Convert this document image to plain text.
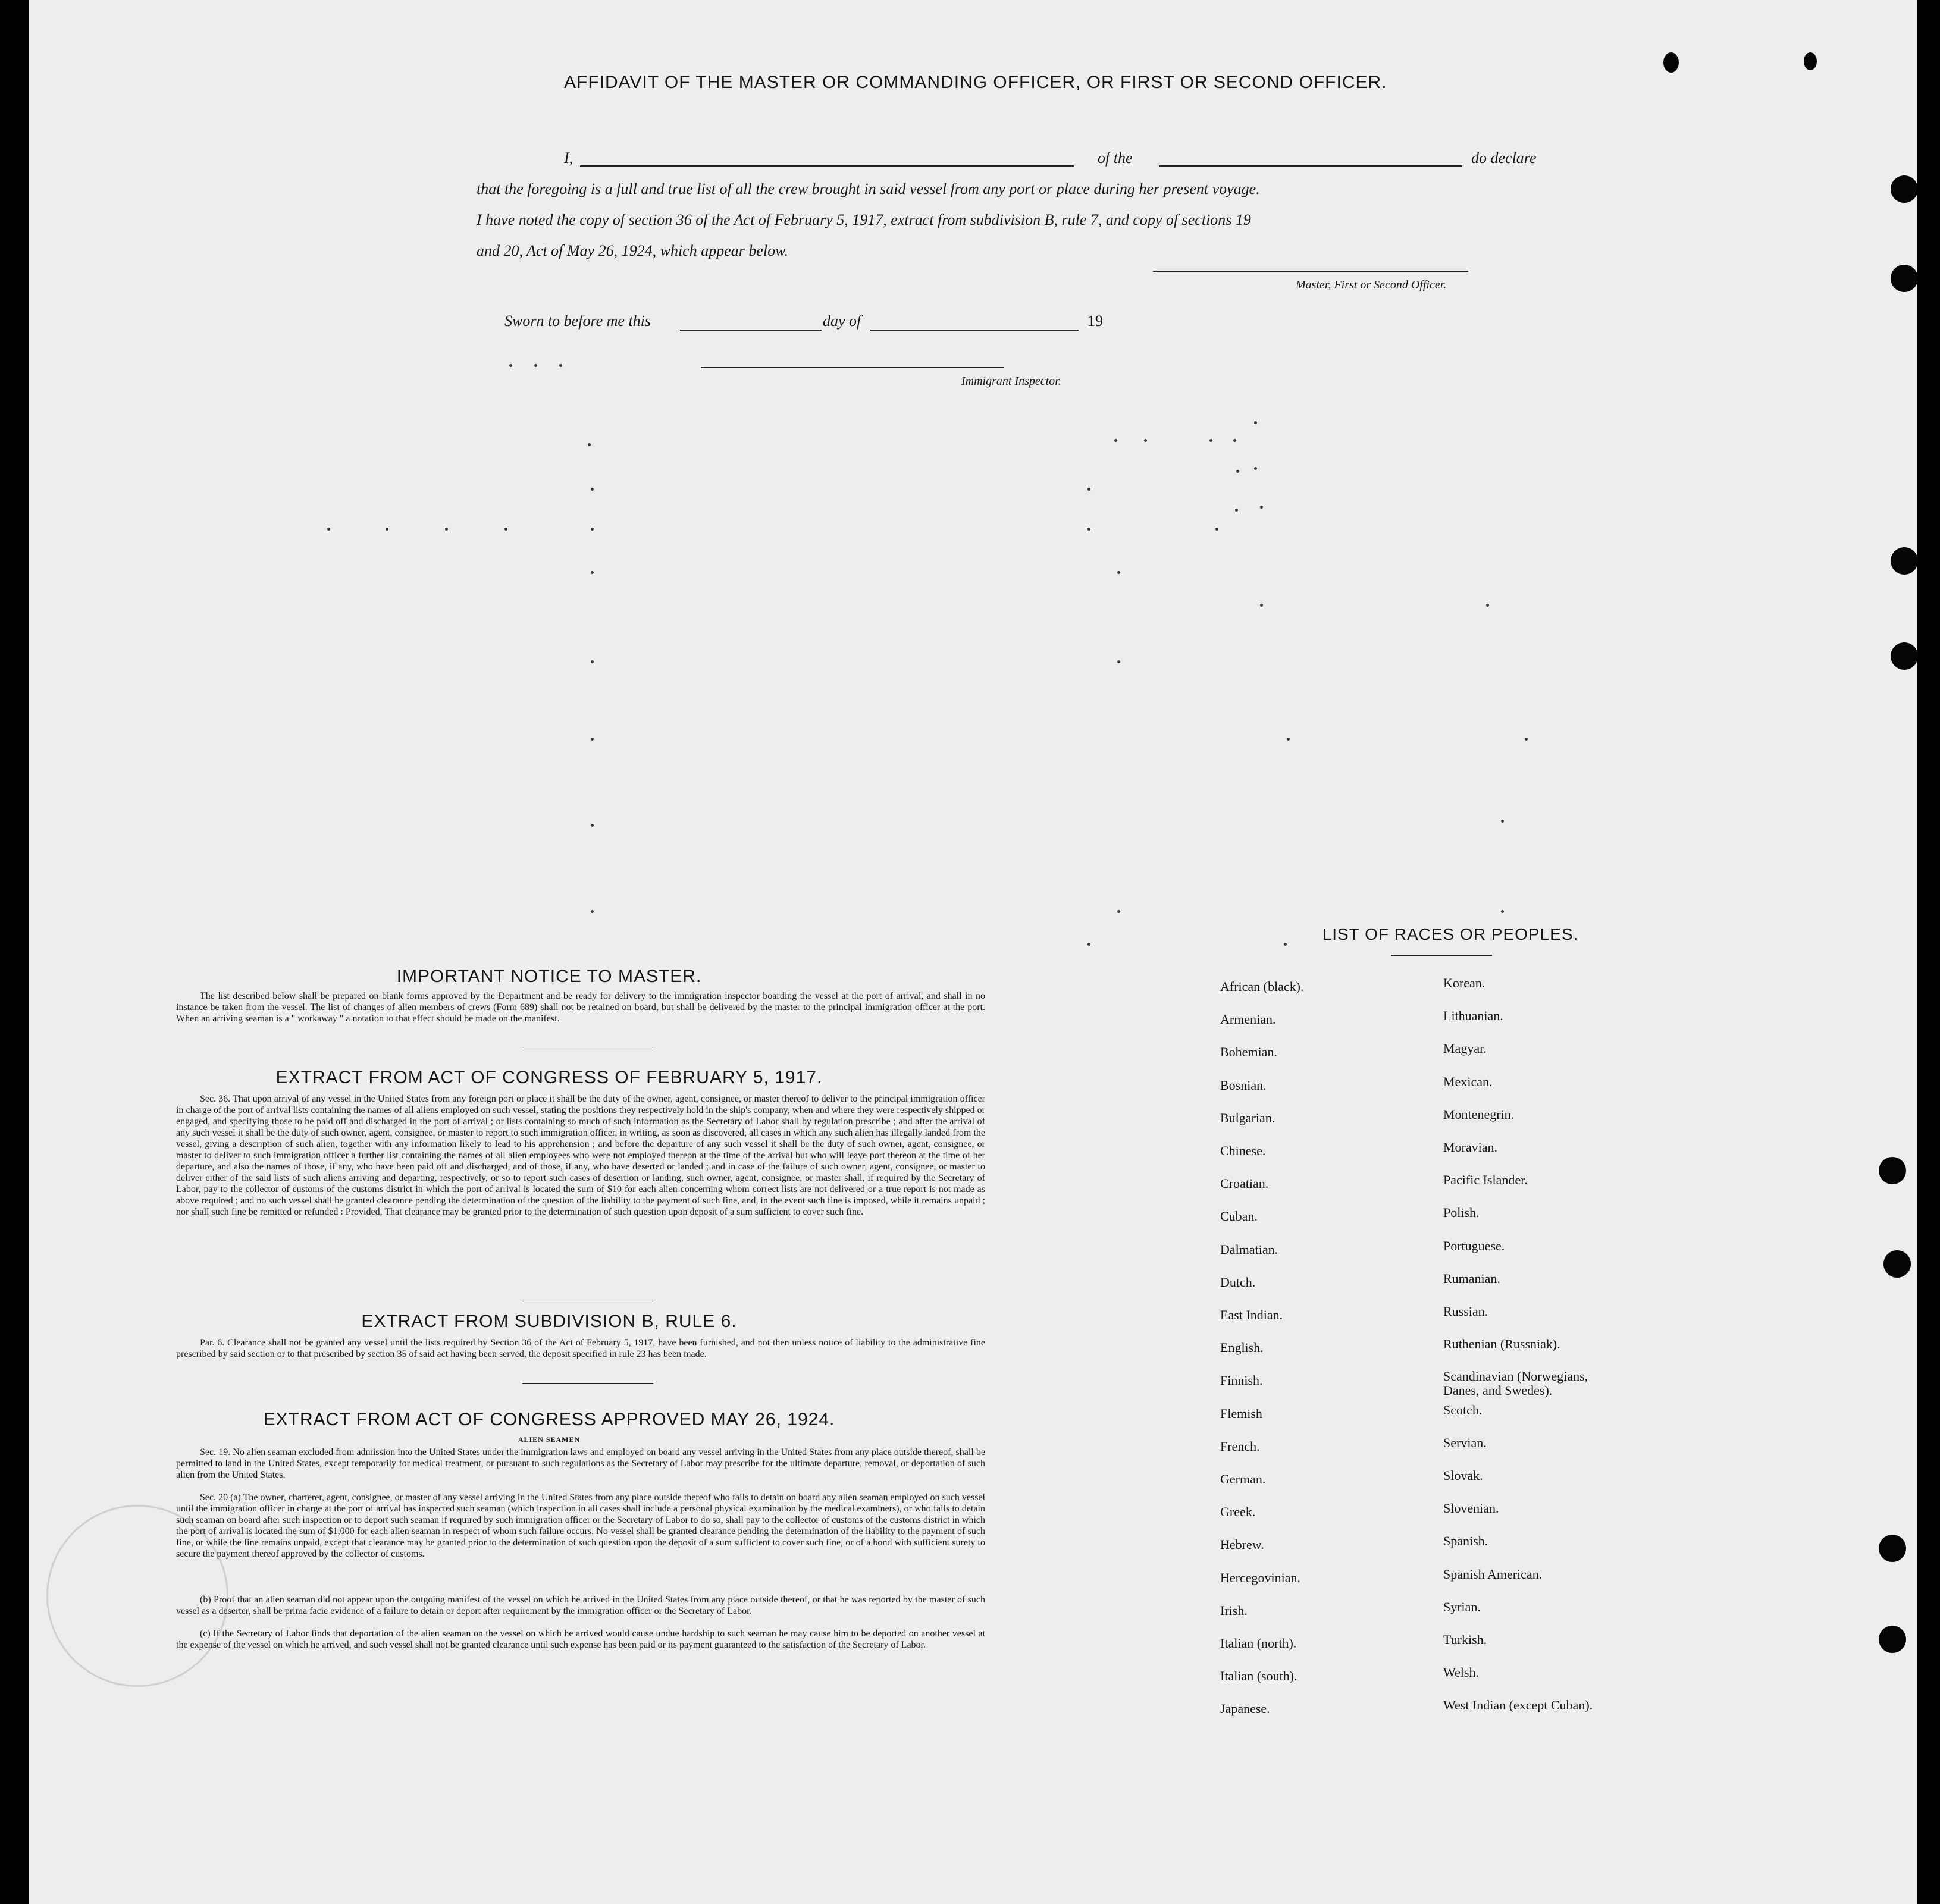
AFFIDAVIT OF THE MASTER OR COMMANDING OFFICER, OR FIRST OR SECOND OFFICER.
I,	of the	do declare
that the foregoing is a full and true list of all the crew brought in said vessel from any port or place during her present voyage.
I have noted the copy of section 36 of the Act of February 5, 1917, extract from subdivision B, rule 7, and copy of sections 19
and 20, Act of May 26, 1924, which appear below.
Master, First or Second Officer.
Sworn to before me this	day of	19
Immigrant Inspector.
IMPORTANT NOTICE TO MASTER.
The list described below shall be prepared on blank forms approved by the Department and be ready for delivery to the immigration inspector boarding the vessel at the port of arrival, and shall in no instance be taken from the vessel. The list of changes of alien members of crews (Form 689) shall not be retained on board, but shall be delivered by the master to the principal immigration officer at the port. When an arriving seaman is a " workaway " a notation to that effect should be made on the manifest.
EXTRACT FROM ACT OF CONGRESS OF FEBRUARY 5, 1917.
Sec. 36. That upon arrival of any vessel in the United States from any foreign port or place it shall be the duty of the owner, agent, consignee, or master thereof to deliver to the principal immigration officer in charge of the port of arrival lists containing the names of all aliens employed on such vessel, stating the positions they respectively hold in the ship's company, when and where they were respectively shipped or engaged, and specifying those to be paid off and discharged in the port of arrival ; or lists containing so much of such information as the Secretary of Labor shall by regulation prescribe ; and after the arrival of any such vessel it shall be the duty of such owner, agent, consignee, or master to report to such immigration officer, in writing, as soon as discovered, all cases in which any such alien has illegally landed from the vessel, giving a description of such alien, together with any information likely to lead to his apprehension ; and before the departure of any such vessel it shall be the duty of such owner, agent, consignee, or master to deliver to such immigration officer a further list containing the names of all alien employees who were not employed thereon at the time of the arrival but who will leave port thereon at the time of her departure, and also the names of those, if any, who have been paid off and discharged, and of those, if any, who have deserted or landed ; and in case of the failure of such owner, agent, consignee, or master to deliver either of the said lists of such aliens arriving and departing, respectively, or so to report such cases of desertion or landing, such owner, agent, consignee, or master shall, if required by the Secretary of Labor, pay to the collector of customs of the customs district in which the port of arrival is located the sum of $10 for each alien concerning whom correct lists are not delivered or a true report is not made as above required ; and no such vessel shall be granted clearance pending the determination of the question of the liability to the payment of such fine, and, in the event such fine is imposed, while it remains unpaid ; nor shall such fine be remitted or refunded : Provided, That clearance may be granted prior to the determination of such question upon deposit of a sum sufficient to cover such fine.
EXTRACT FROM SUBDIVISION B, RULE 6.
Par. 6. Clearance shall not be granted any vessel until the lists required by Section 36 of the Act of February 5, 1917, have been furnished, and not then unless notice of liability to the administrative fine prescribed by said section or to that prescribed by section 35 of said act having been served, the deposit specified in rule 23 has been made.
EXTRACT FROM ACT OF CONGRESS APPROVED MAY 26, 1924.
ALIEN SEAMEN
Sec. 19. No alien seaman excluded from admission into the United States under the immigration laws and employed on board any vessel arriving in the United States from any place outside thereof, shall be permitted to land in the United States, except temporarily for medical treatment, or pursuant to such regulations as the Secretary of Labor may prescribe for the ultimate departure, removal, or deportation of such alien from the United States.
Sec. 20 (a) The owner, charterer, agent, consignee, or master of any vessel arriving in the United States from any place outside thereof who fails to detain on board any alien seaman employed on such vessel until the immigration officer in charge at the port of arrival has inspected such seaman (which inspection in all cases shall include a personal physical examination by the medical examiners), or who fails to detain such seaman on board after such inspection or to deport such seaman if required by such immigration officer or the Secretary of Labor to do so, shall pay to the collector of customs of the customs district in which the port of arrival is located the sum of $1,000 for each alien seaman in respect of whom such failure occurs. No vessel shall be granted clearance pending the determination of the liability to the payment of such fine, or while the fine remains unpaid, except that clearance may be granted prior to the determination of such question upon the deposit of a sum sufficient to cover such fine, or of a bond with sufficient surety to secure the payment thereof approved by the collector of customs.
(b) Proof that an alien seaman did not appear upon the outgoing manifest of the vessel on which he arrived in the United States from any place outside thereof, or that he was reported by the master of such vessel as a deserter, shall be prima facie evidence of a failure to detain or deport after requirement by the immigration officer or the Secretary of Labor.
(c) If the Secretary of Labor finds that deportation of the alien seaman on the vessel on which he arrived would cause undue hardship to such seaman he may cause him to be deported on another vessel at the expense of the vessel on which he arrived, and such vessel shall not be granted clearance until such expense has been paid or its payment guaranteed to the satisfaction of the Secretary of Labor.
LIST OF RACES OR PEOPLES.
African (black).
Armenian.
Bohemian.
Bosnian.
Bulgarian.
Chinese.
Croatian.
Cuban.
Dalmatian.
Dutch.
East Indian.
English.
Finnish.
Flemish
French.
German.
Greek.
Hebrew.
Hercegovinian.
Irish.
Italian (north).
Italian (south).
Japanese.
Korean.
Lithuanian.
Magyar.
Mexican.
Montenegrin.
Moravian.
Pacific Islander.
Polish.
Portuguese.
Rumanian.
Russian.
Ruthenian (Russniak).
Scandinavian (Norwegians, Danes, and Swedes).
Scotch.
Servian.
Slovak.
Slovenian.
Spanish.
Spanish American.
Syrian.
Turkish.
Welsh.
West Indian (except Cuban).
